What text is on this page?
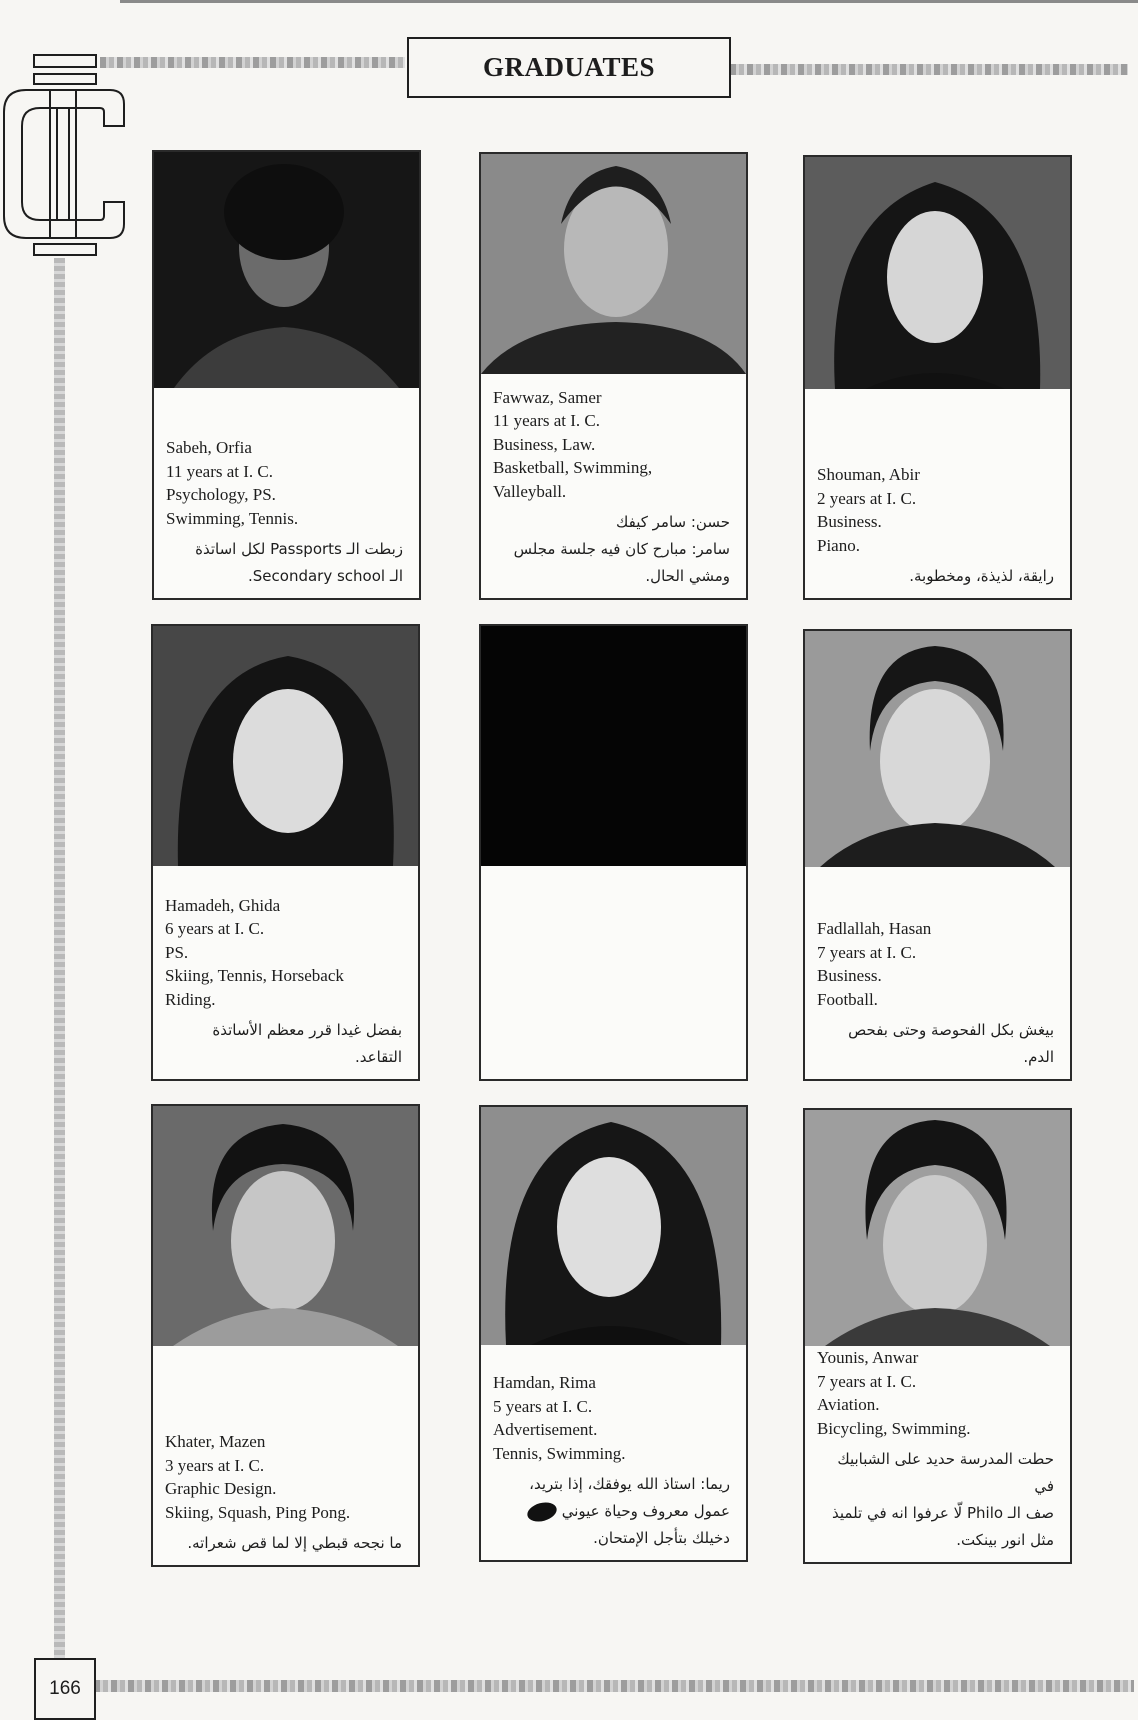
GRADUATES
Sabeh, Orfia
11 years at I. C.
Psychology, PS.
Swimming, Tennis.
زبطت الـ Passports لكل اساتذة
الـ Secondary school.
Fawwaz, Samer
11 years at I. C.
Business, Law.
Basketball, Swimming,
Valleyball.
حسن: سامر كيفك
سامر: مبارح كان فيه جلسة مجلس
ومشي الحال.
Shouman, Abir
2 years at I. C.
Business.
Piano.
رايقة، لذيذة، ومخطوبة.
Hamadeh, Ghida
6 years at I. C.
PS.
Skiing, Tennis, Horseback
Riding.
بفضل غيدا قرر معظم الأساتذة
التقاعد.
Fadlallah, Hasan
7 years at I. C.
Business.
Football.
بيغش بكل الفحوصة وحتى بفحص
الدم.
Khater, Mazen
3 years at I. C.
Graphic Design.
Skiing, Squash, Ping Pong.
ما نجحه قبطي إلا لما قص شعراته.
Hamdan, Rima
5 years at I. C.
Advertisement.
Tennis, Swimming.
ريما: استاذ الله يوفقك، إذا بتريد،
عمول معروف وحياة عيوني
دخيلك بتأجل الإمتحان.
Younis, Anwar
7 years at I. C.
Aviation.
Bicycling, Swimming.
حطت المدرسة حديد على الشبابيك في
صف الـ Philo لّا عرفوا انه في تلميذ
مثل انور بينكت.
166
